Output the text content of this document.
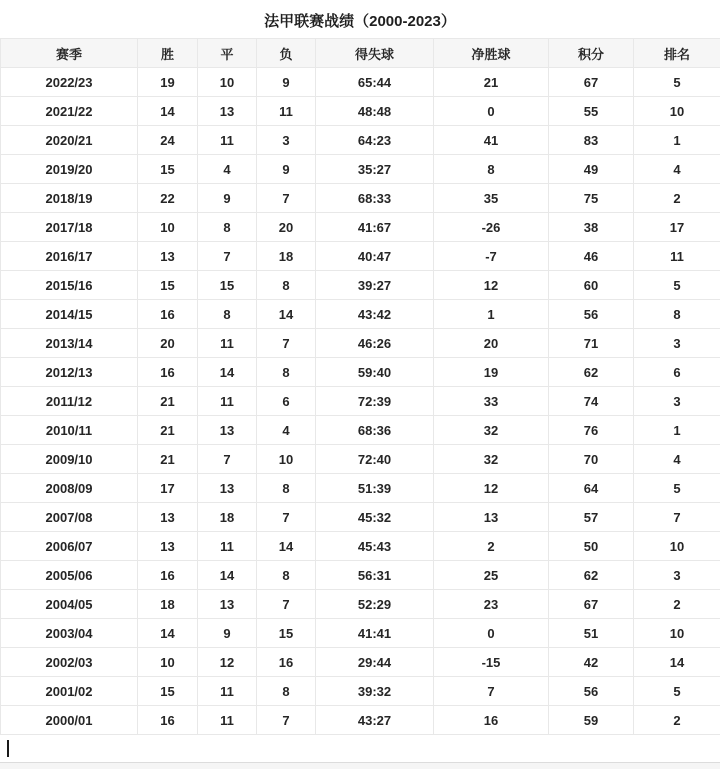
法甲联赛战绩（2000-2023）
赛季	胜	平	负	得失球	净胜球	积分	排名
2022/23	19	10	9	65:44	21	67	5
2021/22	14	13	11	48:48	0	55	10
2020/21	24	11	3	64:23	41	83	1
2019/20	15	4	9	35:27	8	49	4
2018/19	22	9	7	68:33	35	75	2
2017/18	10	8	20	41:67	-26	38	17
2016/17	13	7	18	40:47	-7	46	11
2015/16	15	15	8	39:27	12	60	5
2014/15	16	8	14	43:42	1	56	8
2013/14	20	11	7	46:26	20	71	3
2012/13	16	14	8	59:40	19	62	6
2011/12	21	11	6	72:39	33	74	3
2010/11	21	13	4	68:36	32	76	1
2009/10	21	7	10	72:40	32	70	4
2008/09	17	13	8	51:39	12	64	5
2007/08	13	18	7	45:32	13	57	7
2006/07	13	11	14	45:43	2	50	10
2005/06	16	14	8	56:31	25	62	3
2004/05	18	13	7	52:29	23	67	2
2003/04	14	9	15	41:41	0	51	10
2002/03	10	12	16	29:44	-15	42	14
2001/02	15	11	8	39:32	7	56	5
2000/01	16	11	7	43:27	16	59	2
